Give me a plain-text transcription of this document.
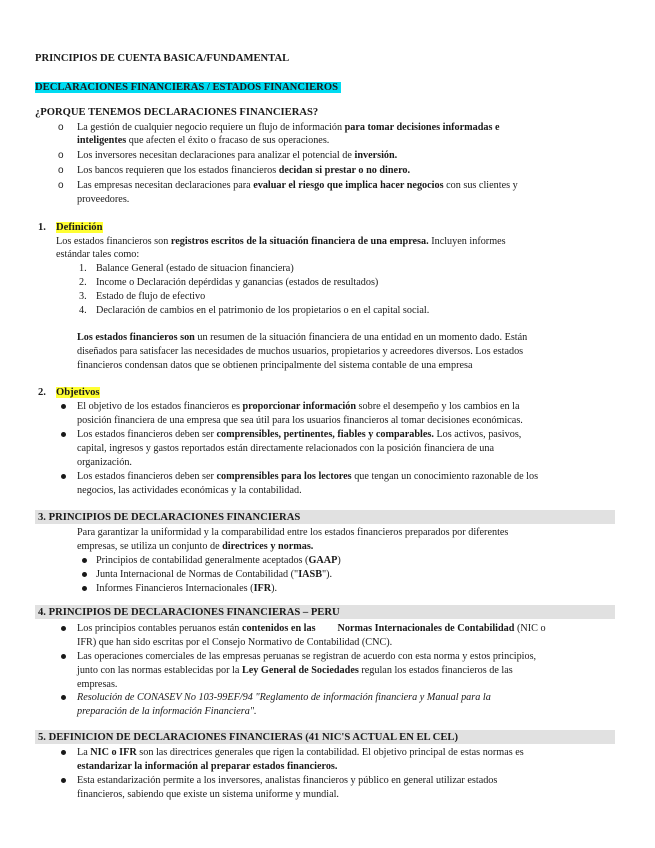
PRINCIPIOS DE CUENTA BASICA/FUNDAMENTAL
DECLARACIONES FINANCIERAS / ESTADOS FINANCIEROS
¿PORQUE TENEMOS DECLARACIONES FINANCIERAS?
o La gestión de cualquier negocio requiere un flujo de información para tomar decisiones informadas e
inteligentes que afecten el éxito o fracaso de sus operaciones.
o Los inversores necesitan declaraciones para analizar el potencial de inversión.
o Los bancos requieren que los estados financieros decidan si prestar o no dinero.
o Las empresas necesitan declaraciones para evaluar el riesgo que implica hacer negocios con sus clientes y
proveedores.
1. Definición
Los estados financieros son registros escritos de la situación financiera de una empresa. Incluyen informes
estándar tales como:
1. Balance General (estado de situacion financiera)
2. Income o Declaración depérdidas y ganancias (estados de resultados)
3. Estado de flujo de efectivo
4. Declaración de cambios en el patrimonio de los propietarios o en el capital social.
Los estados financieros son un resumen de la situación financiera de una entidad en un momento dado. Están
diseñados para satisfacer las necesidades de muchos usuarios, propietarios y acreedores diversos. Los estados
financieros condensan datos que se obtienen principalmente del sistema contable de una empresa
2. Objetivos
El objetivo de los estados financieros es proporcionar información sobre el desempeño y los cambios en la
posición financiera de una empresa que sea útil para los usuarios financieros al tomar decisiones económicas.
Los estados financieros deben ser comprensibles, pertinentes, fiables y comparables. Los activos, pasivos,
capital, ingresos y gastos reportados están directamente relacionados con la posición financiera de una
organización.
Los estados financieros deben ser comprensibles para los lectores que tengan un conocimiento razonable de los
negocios, las actividades económicas y la contabilidad.
3. PRINCIPIOS DE DECLARACIONES FINANCIERAS
Para garantizar la uniformidad y la comparabilidad entre los estados financieros preparados por diferentes
empresas, se utiliza un conjunto de directrices y normas.
Principios de contabilidad generalmente aceptados (GAAP)
Junta Internacional de Normas de Contabilidad ("IASB").
Informes Financieros Internacionales (IFR).
4. PRINCIPIOS DE DECLARACIONES FINANCIERAS – PERU
Los principios contables peruanos están contenidos en las Normas Internacionales de Contabilidad (NIC o
IFR) que han sido escritas por el Consejo Normativo de Contabilidad (CNC).
Las operaciones comerciales de las empresas peruanas se registran de acuerdo con esta norma y estos principios,
junto con las normas establecidas por la Ley General de Sociedades regulan los estados financieros de las
empresas.
Resolución de CONASEV No 103-99EF/94 "Reglamento de información financiera y Manual para la
preparación de la información Financiera".
5. DEFINICION DE DECLARACIONES FINANCIERAS (41 NIC'S ACTUAL EN EL CEL)
La NIC o IFR son las directrices generales que rigen la contabilidad. El objetivo principal de estas normas es
estandarizar la información al preparar estados financieros.
Esta estandarización permite a los inversores, analistas financieros y público en general utilizar estados
financieros, sabiendo que existe un sistema uniforme y mundial.
